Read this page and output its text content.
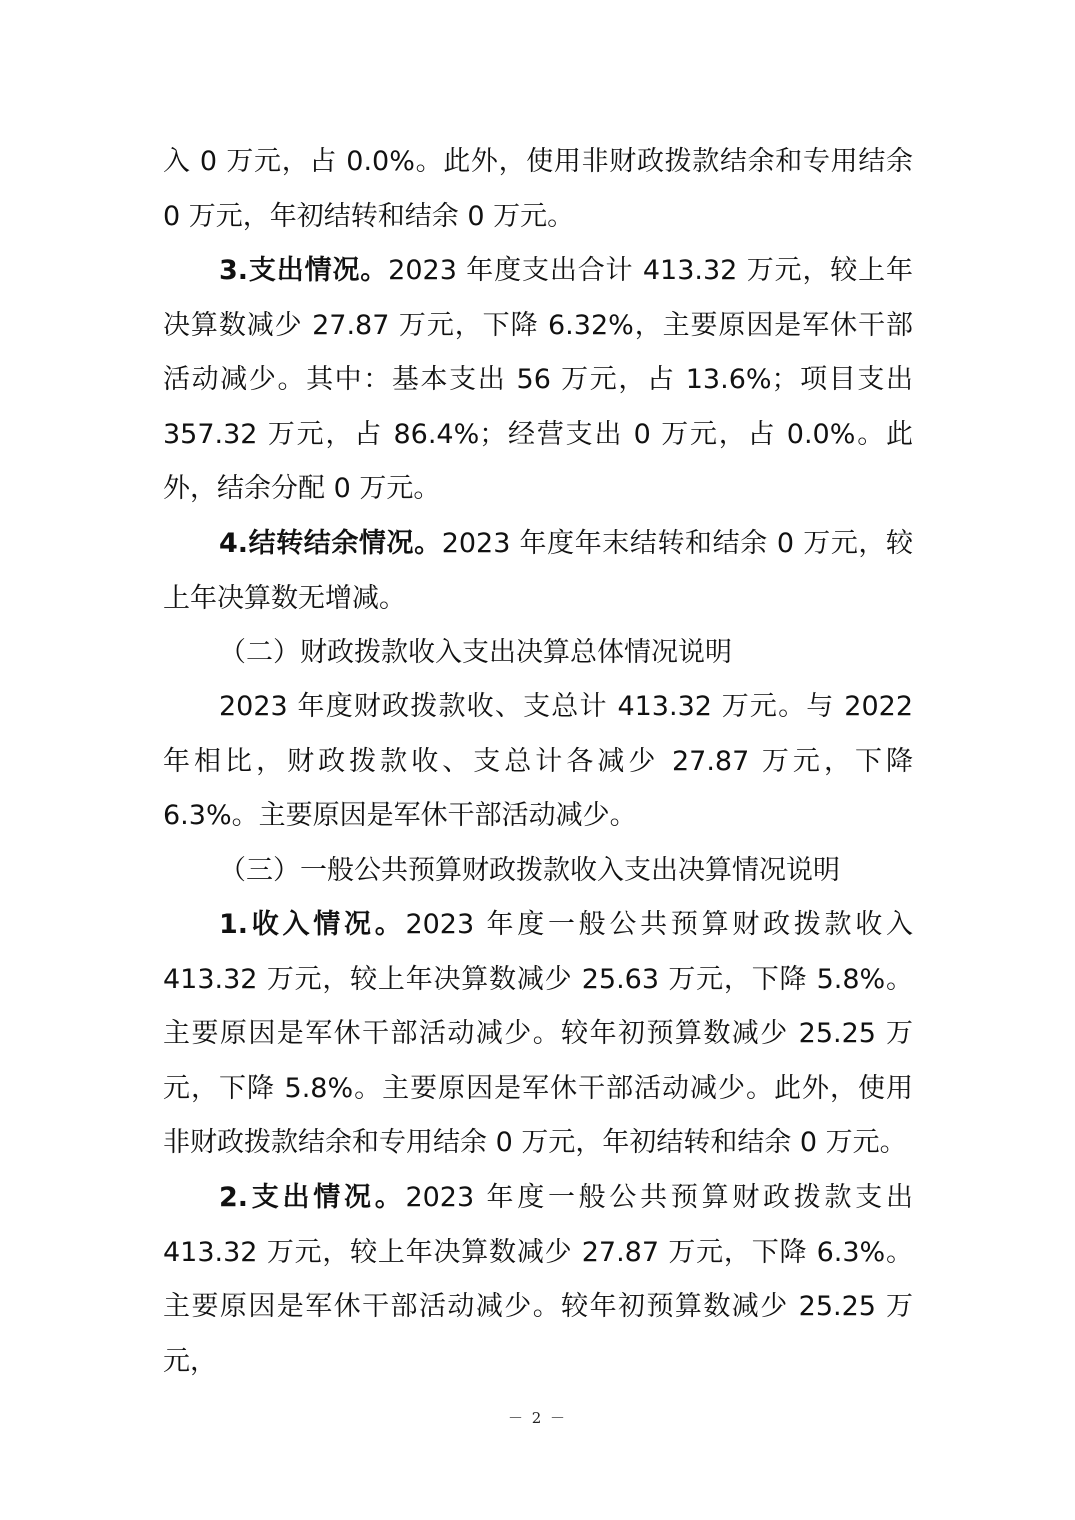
入 0 万元，占 0.0%。此外，使用非财政拨款结余和专用结余 0 万元，年初结转和结余 0 万元。

3.支出情况。2023 年度支出合计 413.32 万元，较上年决算数减少 27.87 万元，下降 6.32%，主要原因是军休干部活动减少。其中：基本支出 56 万元，占 13.6%；项目支出 357.32 万元，占 86.4%；经营支出 0 万元，占 0.0%。此外，结余分配 0 万元。

4.结转结余情况。2023 年度年末结转和结余 0 万元，较上年决算数无增减。

（二）财政拨款收入支出决算总体情况说明

2023 年度财政拨款收、支总计 413.32 万元。与 2022 年相比，财政拨款收、支总计各减少 27.87 万元，下降 6.3%。主要原因是军休干部活动减少。

（三）一般公共预算财政拨款收入支出决算情况说明

1.收入情况。2023 年度一般公共预算财政拨款收入 413.32 万元，较上年决算数减少 25.63 万元，下降 5.8%。主要原因是军休干部活动减少。较年初预算数减少 25.25 万元，下降 5.8%。主要原因是军休干部活动减少。此外，使用非财政拨款结余和专用结余 0 万元，年初结转和结余 0 万元。

2.支出情况。2023 年度一般公共预算财政拨款支出 413.32 万元，较上年决算数减少 27.87 万元，下降 6.3%。主要原因是军休干部活动减少。较年初预算数减少 25.25 万元，

－ 2 －
